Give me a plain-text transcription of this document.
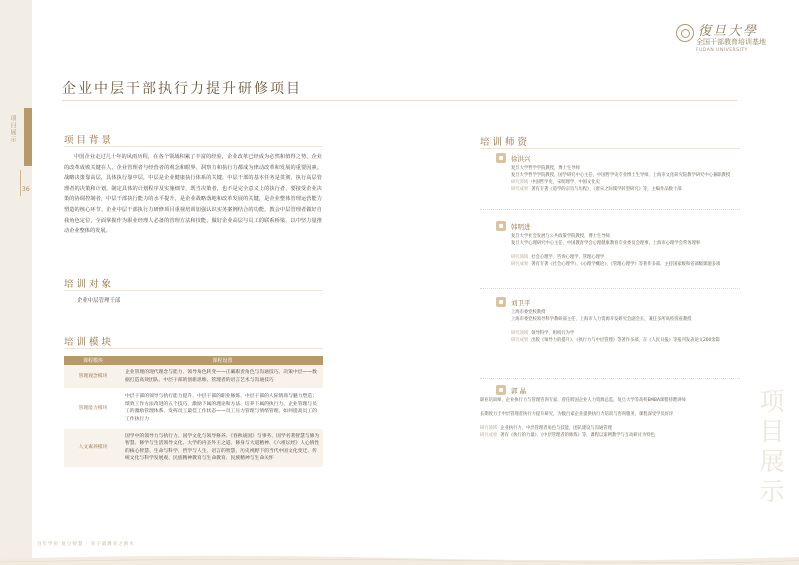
项目展示
36
復旦大學
全国干部教育培训基地
FUDAN UNIVERSITY
企业中层干部执行力提升研修项目
项目背景
中国企业走过几十年的风雨历程，在各个领域积累了丰富的经验，企业改革已经成为必然和值得之势。企业的改革成败关键在人，企业管理者与经营者的观念和眼界、洞察力和执行力都成为律动改革和发展的重要因素。战略决策靠高层，具体执行靠中层，中层是企业健康执行体系的关键，中层干部的基本任务是贯彻、执行高层管理者的决策和计划，制定具体的计划程序及实施细节，既当决策者，也不是完全意义上的执行者，要接受企业决策的协调控制者，中层干部执行能力的水平提升，是企业战略落地和改革发展的关键，是企业整体管理运营能力塑造的核心环节。企业中层干部执行力研修项目重视培训加强认识实务案例结合的功能，教会中层管理者做好自我角色定位，全面掌握作为职业经理人必备的管理方法和技能，做好企业高层与员工的联系桥梁，以中坚力量推动企业整体的发展。
培训对象
企业中层管理干部
培训模块
课程模块	课程设置
管理观念模块	企业管理的现代理念与能力、领导角色转变——正确职责角色与沟通技巧、决策中层——数据打造高效团队、中层干部的创新思维、管理者的语言艺术与沟通技巧
管理能力模块	中层干部的领导与执行能力提升、中层干部的职业修炼、中层干部的人际情商与魅力塑造；绩效工作方法改进的五个技巧，激励下属的理论和方法、培养下属的执行力、企业管理与员工的激励管理体系、发挥员工最佳工作状态——员工压力管理与情绪管理、如何提高员工的工作执行力
人文素养模块	国学中的领导力与执行力、国学文化与领导修养、《春秋战国》与事务、国学名著智慧与修为智慧、修学与生活领导文化、大学的内圣外王之道、修身与大道精神、《六祖坛经》人心情性的核心智慧、生命与科学、哲学与人生、语言的智慧、历史视野下的当代中国文化变迁、传统文化与科学发展观、民族精神教育与生命教育、民族精神与生命关怀
培训师资
徐洪兴
复旦大学哲学学院教授，博士生导师
复旦大学哲学学院教授，国学研究中心主任，中国哲学史专业博士生导师，上海市文化研究院教学研究中心兼职教授
研究领域 中国哲学史、宋明理学、中国文化史
研究成果 著有专著《道学的宗旨与历程》、《唐宋之际儒学转型研究》等，主编作品数十部
韩明进
复旦大学社会发展与公共政策学院教授，博士生导师
复旦大学心理研究中心主任，中国教育学会心理健康教育专业委员会理事，上海市心理学会常务理事
研究领域 社会心理学、咨询心理学、管理心理学
研究成果 著有专著《社会心理学》、《心理学概论》、《管理心理学》等著作多部，主持国家级和省部级课题多项
刘卫平
上海市委党校教授
上海市委党校领导科学教研部主任，上海市人力资源开发研究会副会长，兼任多所高校客座教授
研究领域 领导科学、组织行为学
研究成果 出版《领导力的提升》、《执行力与中层管理》等著作多部，在《人民日报》等报刊发表论文200余篇
郭 晶
职业培训师，企业执行力与管理咨询专家，曾任跨国企业人力资源总监，复旦大学等高校EMBA课程特聘讲师
长期致力于中层管理者执行力提升研究，为数百家企业提供执行力培训与咨询服务，课程深受学员好评
研究领域 企业执行力、中层管理者角色与技能、团队建设与沟通管理
研究成果 著有《执行的力量》、《中层管理者的修炼》等，课程以案例教学与互动研讨为特色	项目展示
百年学府 复旦智慧 · 育干部教育之薪火
